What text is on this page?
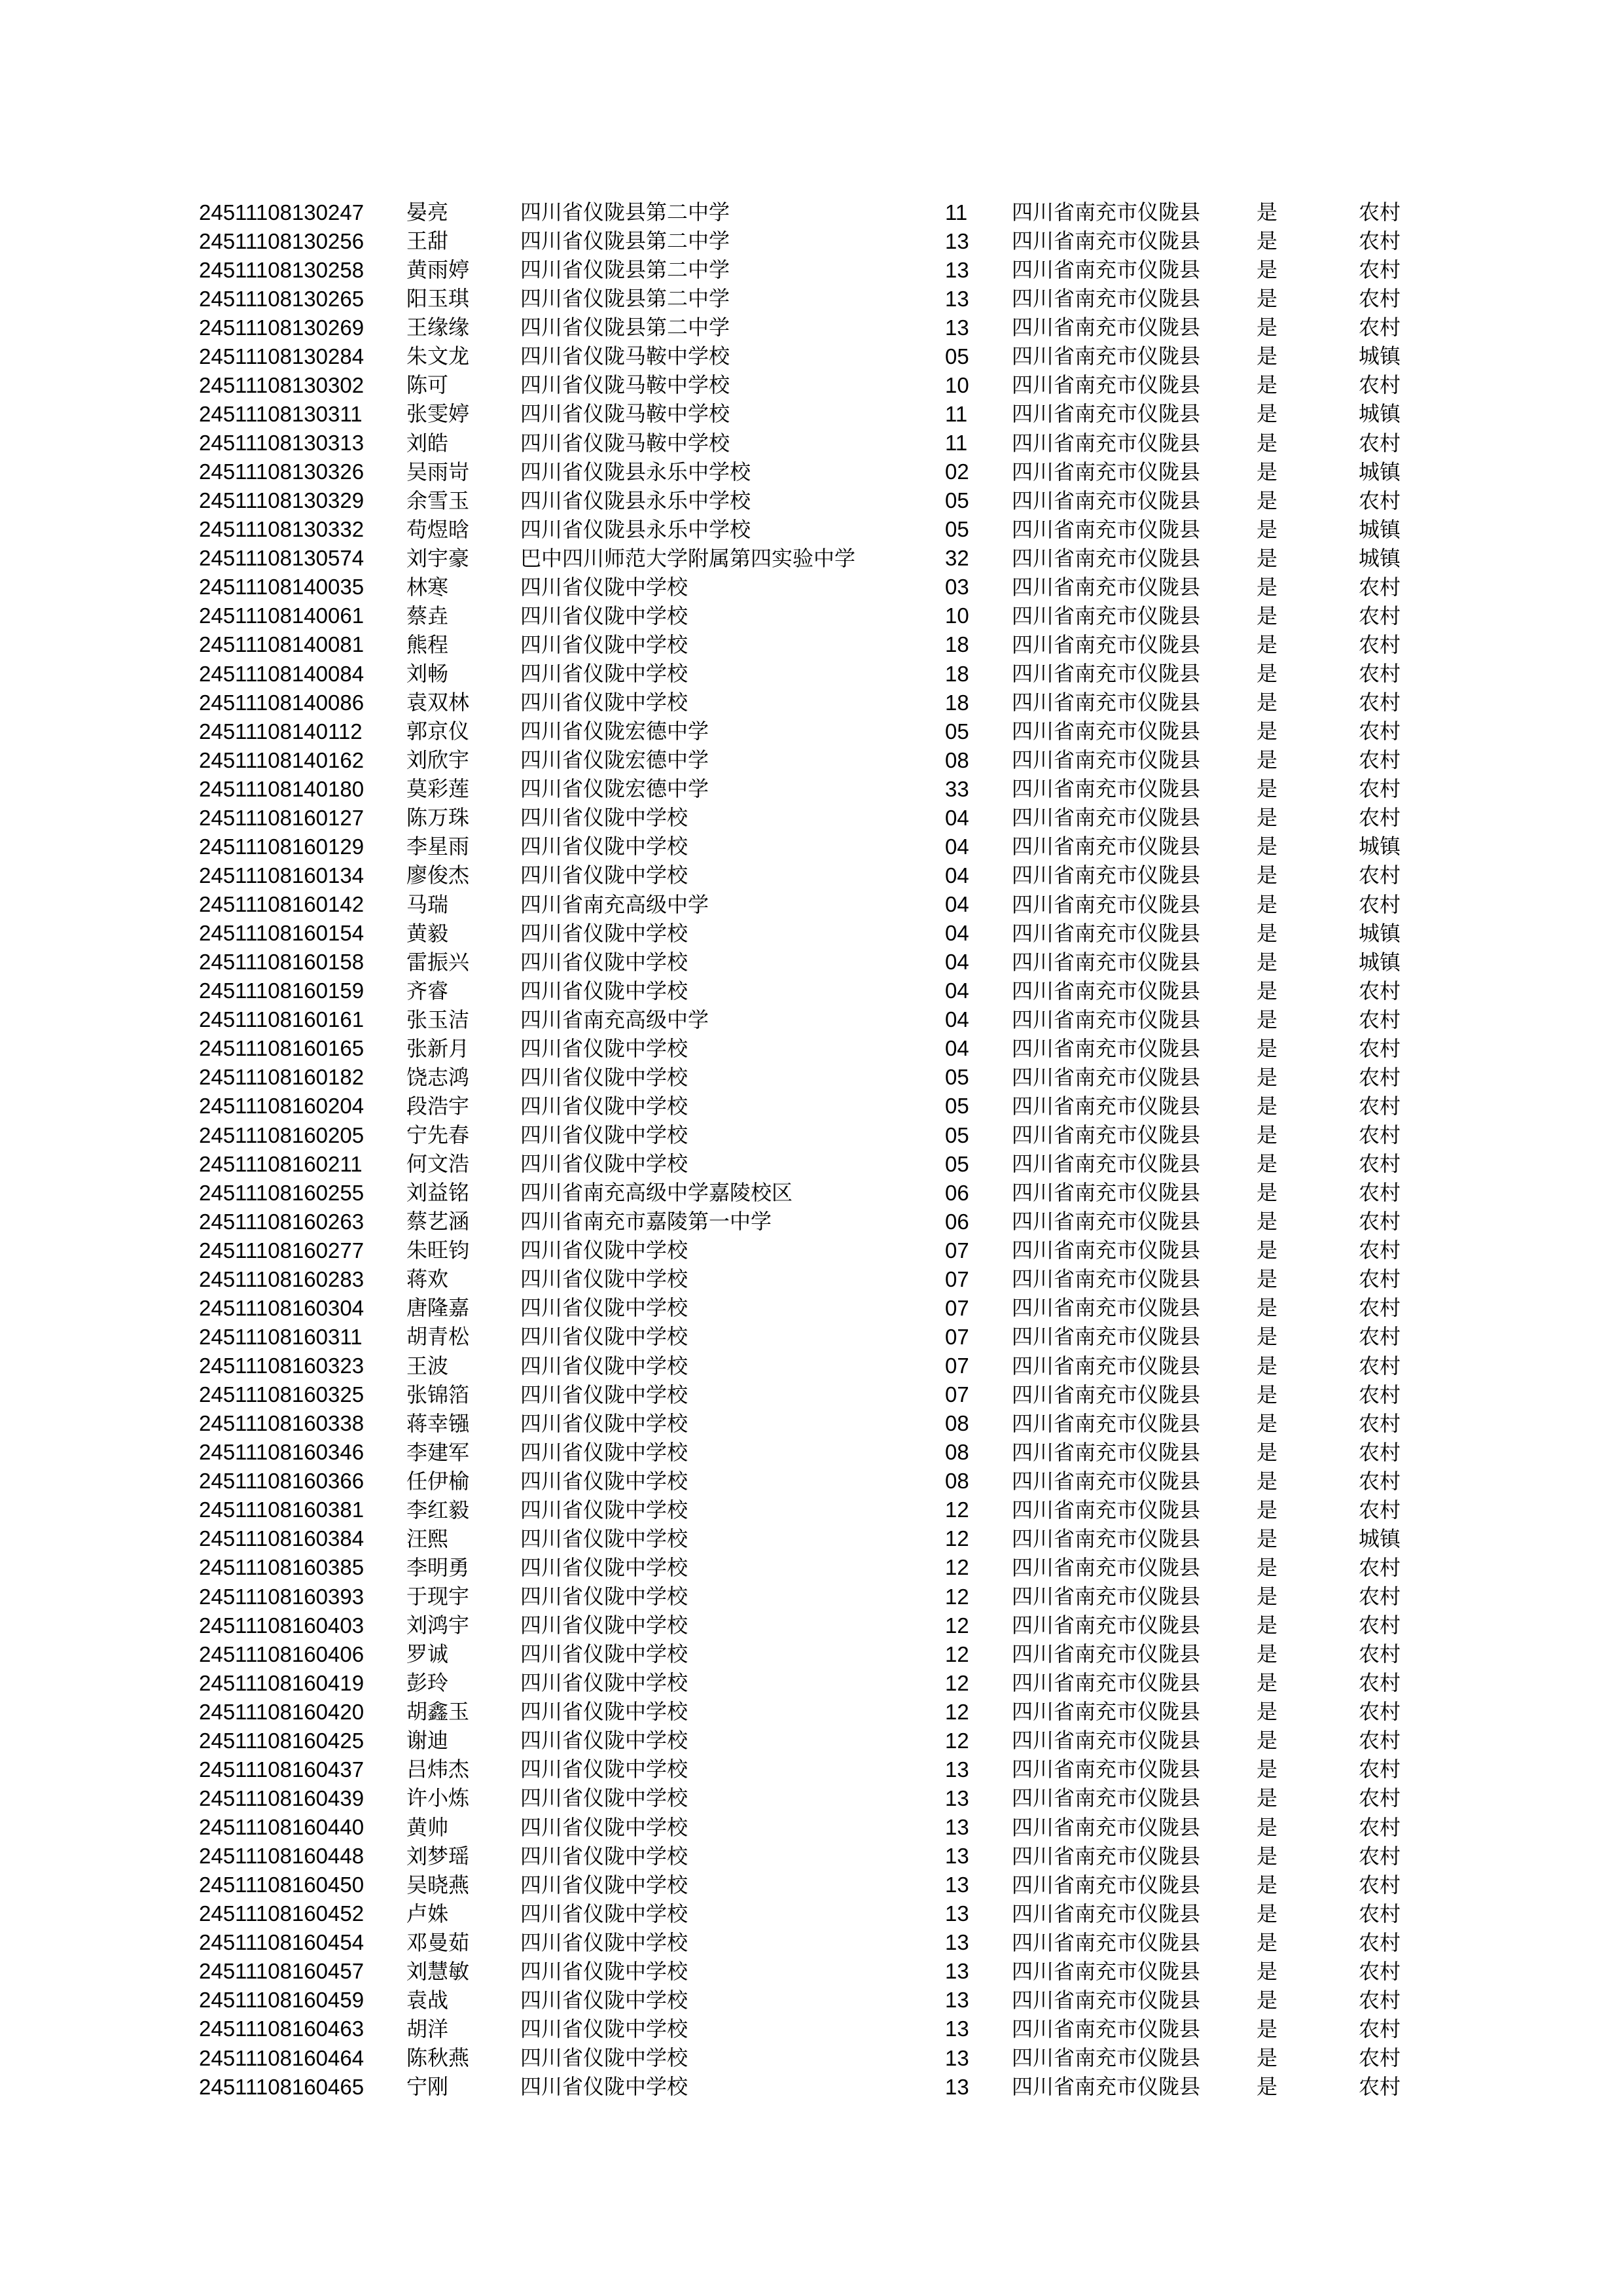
24511108130247	晏亮	四川省仪陇县第二中学	11	四川省南充市仪陇县	是	农村
24511108130256	王甜	四川省仪陇县第二中学	13	四川省南充市仪陇县	是	农村
24511108130258	黄雨婷	四川省仪陇县第二中学	13	四川省南充市仪陇县	是	农村
24511108130265	阳玉琪	四川省仪陇县第二中学	13	四川省南充市仪陇县	是	农村
24511108130269	王缘缘	四川省仪陇县第二中学	13	四川省南充市仪陇县	是	农村
24511108130284	朱文龙	四川省仪陇马鞍中学校	05	四川省南充市仪陇县	是	城镇
24511108130302	陈可	四川省仪陇马鞍中学校	10	四川省南充市仪陇县	是	农村
24511108130311	张雯婷	四川省仪陇马鞍中学校	11	四川省南充市仪陇县	是	城镇
24511108130313	刘皓	四川省仪陇马鞍中学校	11	四川省南充市仪陇县	是	农村
24511108130326	吴雨岢	四川省仪陇县永乐中学校	02	四川省南充市仪陇县	是	城镇
24511108130329	余雪玉	四川省仪陇县永乐中学校	05	四川省南充市仪陇县	是	农村
24511108130332	苟煜晗	四川省仪陇县永乐中学校	05	四川省南充市仪陇县	是	城镇
24511108130574	刘宇豪	巴中四川师范大学附属第四实验中学	32	四川省南充市仪陇县	是	城镇
24511108140035	林寒	四川省仪陇中学校	03	四川省南充市仪陇县	是	农村
24511108140061	蔡垚	四川省仪陇中学校	10	四川省南充市仪陇县	是	农村
24511108140081	熊程	四川省仪陇中学校	18	四川省南充市仪陇县	是	农村
24511108140084	刘畅	四川省仪陇中学校	18	四川省南充市仪陇县	是	农村
24511108140086	袁双林	四川省仪陇中学校	18	四川省南充市仪陇县	是	农村
24511108140112	郭京仪	四川省仪陇宏德中学	05	四川省南充市仪陇县	是	农村
24511108140162	刘欣宇	四川省仪陇宏德中学	08	四川省南充市仪陇县	是	农村
24511108140180	莫彩莲	四川省仪陇宏德中学	33	四川省南充市仪陇县	是	农村
24511108160127	陈万珠	四川省仪陇中学校	04	四川省南充市仪陇县	是	农村
24511108160129	李星雨	四川省仪陇中学校	04	四川省南充市仪陇县	是	城镇
24511108160134	廖俊杰	四川省仪陇中学校	04	四川省南充市仪陇县	是	农村
24511108160142	马瑞	四川省南充高级中学	04	四川省南充市仪陇县	是	农村
24511108160154	黄毅	四川省仪陇中学校	04	四川省南充市仪陇县	是	城镇
24511108160158	雷振兴	四川省仪陇中学校	04	四川省南充市仪陇县	是	城镇
24511108160159	齐睿	四川省仪陇中学校	04	四川省南充市仪陇县	是	农村
24511108160161	张玉洁	四川省南充高级中学	04	四川省南充市仪陇县	是	农村
24511108160165	张新月	四川省仪陇中学校	04	四川省南充市仪陇县	是	农村
24511108160182	饶志鸿	四川省仪陇中学校	05	四川省南充市仪陇县	是	农村
24511108160204	段浩宇	四川省仪陇中学校	05	四川省南充市仪陇县	是	农村
24511108160205	宁先春	四川省仪陇中学校	05	四川省南充市仪陇县	是	农村
24511108160211	何文浩	四川省仪陇中学校	05	四川省南充市仪陇县	是	农村
24511108160255	刘益铭	四川省南充高级中学嘉陵校区	06	四川省南充市仪陇县	是	农村
24511108160263	蔡艺涵	四川省南充市嘉陵第一中学	06	四川省南充市仪陇县	是	农村
24511108160277	朱旺钧	四川省仪陇中学校	07	四川省南充市仪陇县	是	农村
24511108160283	蒋欢	四川省仪陇中学校	07	四川省南充市仪陇县	是	农村
24511108160304	唐隆嘉	四川省仪陇中学校	07	四川省南充市仪陇县	是	农村
24511108160311	胡青松	四川省仪陇中学校	07	四川省南充市仪陇县	是	农村
24511108160323	王波	四川省仪陇中学校	07	四川省南充市仪陇县	是	农村
24511108160325	张锦箔	四川省仪陇中学校	07	四川省南充市仪陇县	是	农村
24511108160338	蒋幸镪	四川省仪陇中学校	08	四川省南充市仪陇县	是	农村
24511108160346	李建军	四川省仪陇中学校	08	四川省南充市仪陇县	是	农村
24511108160366	任伊榆	四川省仪陇中学校	08	四川省南充市仪陇县	是	农村
24511108160381	李红毅	四川省仪陇中学校	12	四川省南充市仪陇县	是	农村
24511108160384	汪熙	四川省仪陇中学校	12	四川省南充市仪陇县	是	城镇
24511108160385	李明勇	四川省仪陇中学校	12	四川省南充市仪陇县	是	农村
24511108160393	于现宇	四川省仪陇中学校	12	四川省南充市仪陇县	是	农村
24511108160403	刘鸿宇	四川省仪陇中学校	12	四川省南充市仪陇县	是	农村
24511108160406	罗诚	四川省仪陇中学校	12	四川省南充市仪陇县	是	农村
24511108160419	彭玲	四川省仪陇中学校	12	四川省南充市仪陇县	是	农村
24511108160420	胡鑫玉	四川省仪陇中学校	12	四川省南充市仪陇县	是	农村
24511108160425	谢迪	四川省仪陇中学校	12	四川省南充市仪陇县	是	农村
24511108160437	吕炜杰	四川省仪陇中学校	13	四川省南充市仪陇县	是	农村
24511108160439	许小炼	四川省仪陇中学校	13	四川省南充市仪陇县	是	农村
24511108160440	黄帅	四川省仪陇中学校	13	四川省南充市仪陇县	是	农村
24511108160448	刘梦瑶	四川省仪陇中学校	13	四川省南充市仪陇县	是	农村
24511108160450	吴晓燕	四川省仪陇中学校	13	四川省南充市仪陇县	是	农村
24511108160452	卢姝	四川省仪陇中学校	13	四川省南充市仪陇县	是	农村
24511108160454	邓曼茹	四川省仪陇中学校	13	四川省南充市仪陇县	是	农村
24511108160457	刘慧敏	四川省仪陇中学校	13	四川省南充市仪陇县	是	农村
24511108160459	袁战	四川省仪陇中学校	13	四川省南充市仪陇县	是	农村
24511108160463	胡洋	四川省仪陇中学校	13	四川省南充市仪陇县	是	农村
24511108160464	陈秋燕	四川省仪陇中学校	13	四川省南充市仪陇县	是	农村
24511108160465	宁刚	四川省仪陇中学校	13	四川省南充市仪陇县	是	农村
